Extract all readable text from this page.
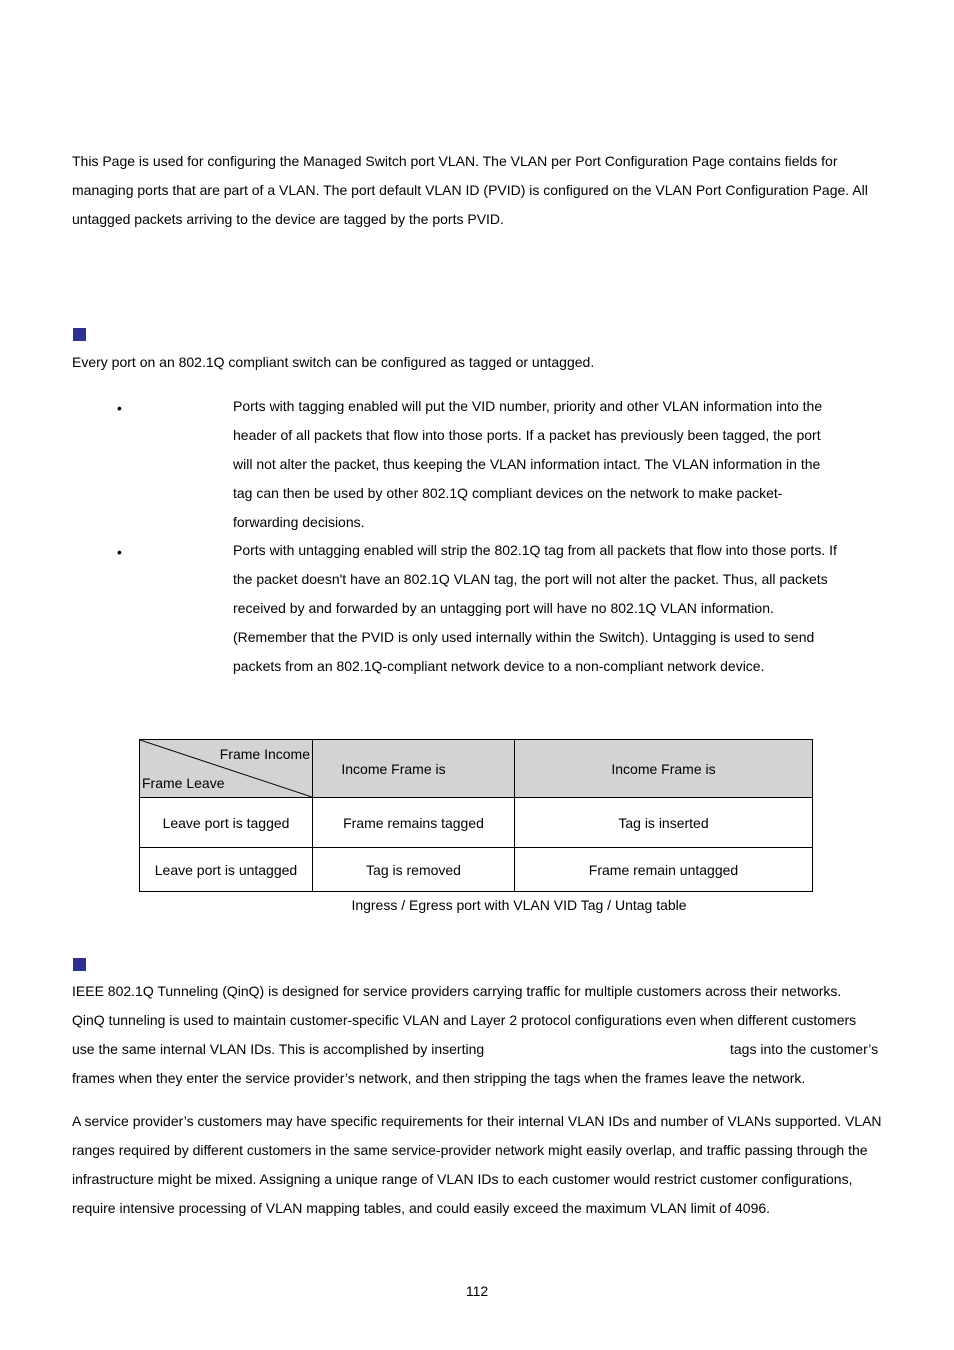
This Page is used for configuring the Managed Switch port VLAN. The VLAN per Port Configuration Page contains fields for managing ports that are part of a VLAN. The port default VLAN ID (PVID) is configured on the VLAN Port Configuration Page. All untagged packets arriving to the device are tagged by the ports PVID.

Every port on an 802.1Q compliant switch can be configured as tagged or untagged.

•	Ports with tagging enabled will put the VID number, priority and other VLAN information into the header of all packets that flow into those ports. If a packet has previously been tagged, the port will not alter the packet, thus keeping the VLAN information intact. The VLAN information in the tag can then be used by other 802.1Q compliant devices on the network to make packet-forwarding decisions.

•	Ports with untagging enabled will strip the 802.1Q tag from all packets that flow into those ports. If the packet doesn't have an 802.1Q VLAN tag, the port will not alter the packet. Thus, all packets received by and forwarded by an untagging port will have no 802.1Q VLAN information. (Remember that the PVID is only used internally within the Switch). Untagging is used to send packets from an 802.1Q-compliant network device to a non-compliant network device.

Frame Income
Frame Leave	Income Frame is	Income Frame is
Leave port is tagged	Frame remains tagged	Tag is inserted
Leave port is untagged	Tag is removed	Frame remain untagged
Ingress / Egress port with VLAN VID Tag / Untag table
IEEE 802.1Q Tunneling (QinQ) is designed for service providers carrying traffic for multiple customers across their networks.
QinQ tunneling is used to maintain customer-specific VLAN and Layer 2 protocol configurations even when different customers
use the same internal VLAN IDs. This is accomplished by inserting	tags into the customer’s
frames when they enter the service provider’s network, and then stripping the tags when the frames leave the network.

A service provider’s customers may have specific requirements for their internal VLAN IDs and number of VLANs supported. VLAN ranges required by different customers in the same service-provider network might easily overlap, and traffic passing through the infrastructure might be mixed. Assigning a unique range of VLAN IDs to each customer would restrict customer configurations, require intensive processing of VLAN mapping tables, and could easily exceed the maximum VLAN limit of 4096.

112
